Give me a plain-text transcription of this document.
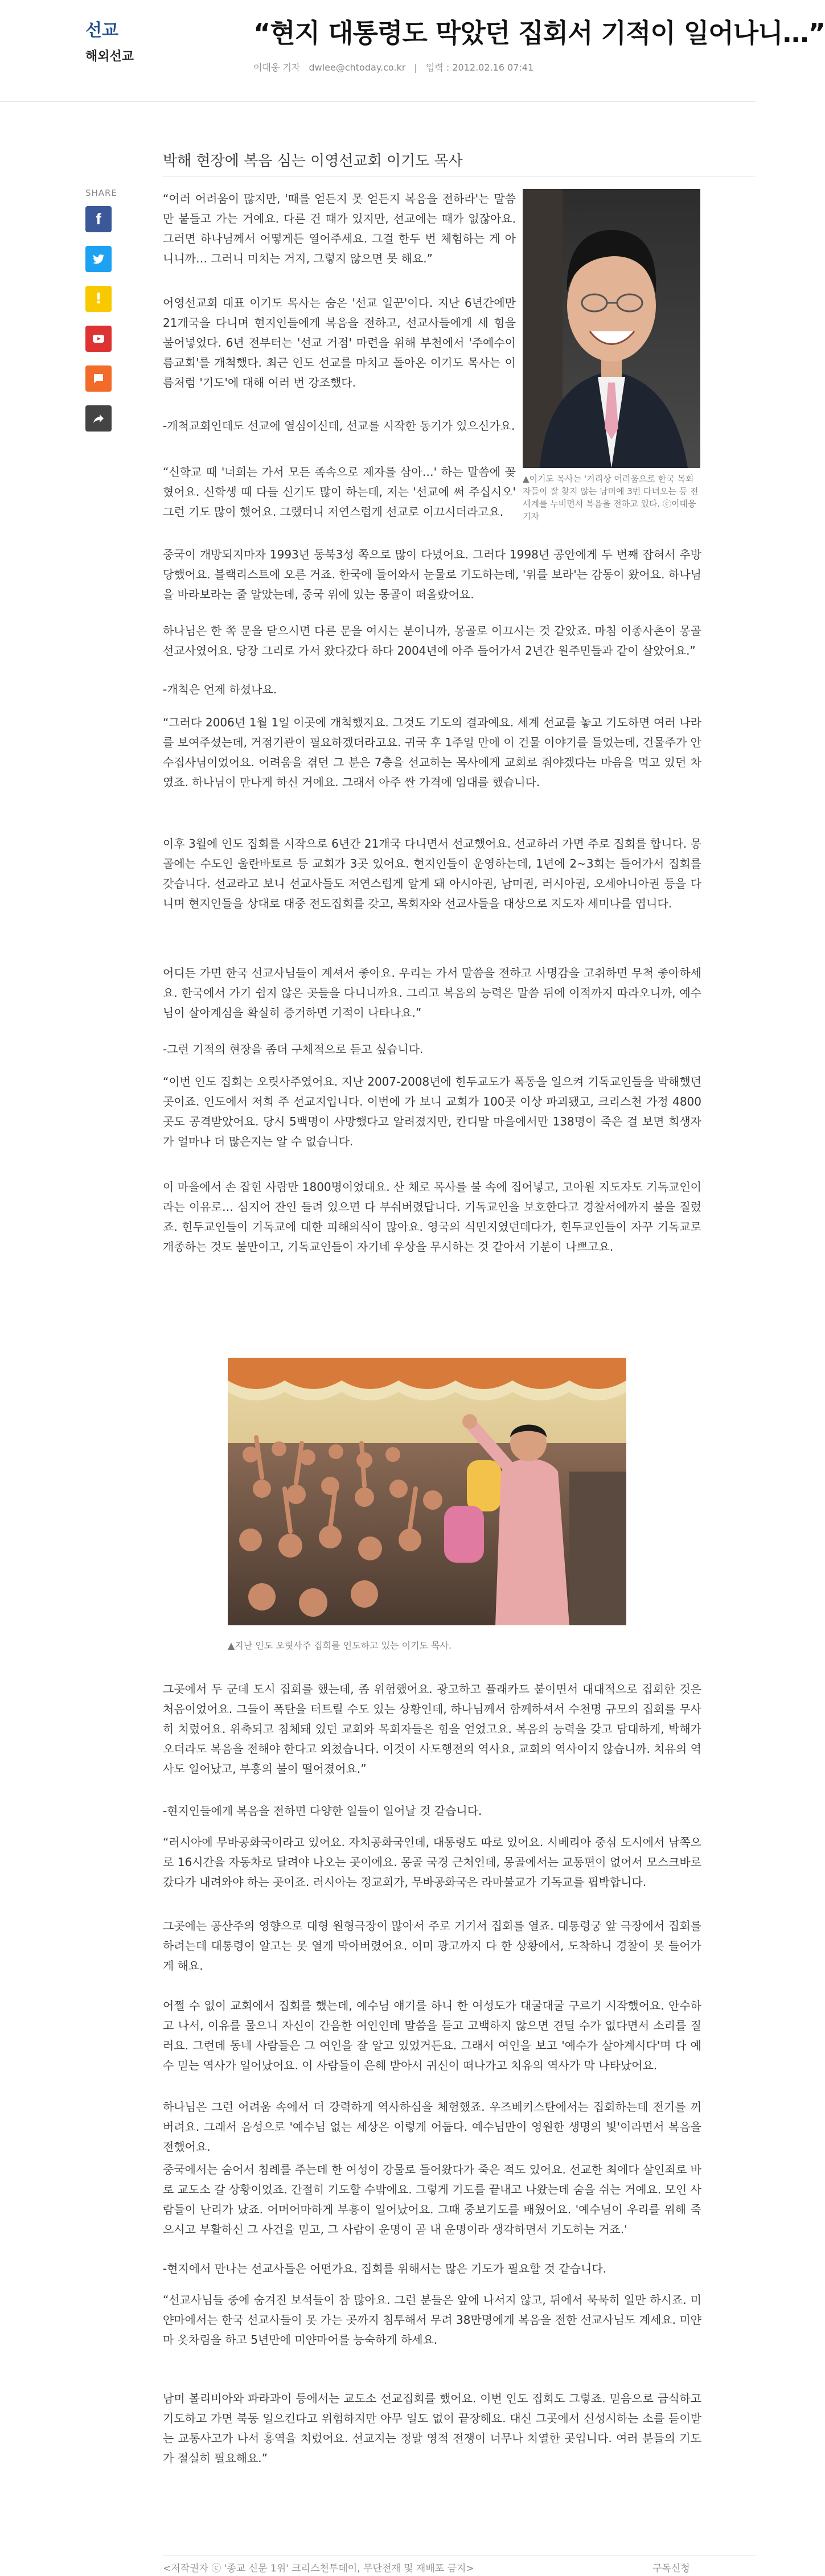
선교
해외선교
“현지 대통령도 막았던 집회서 기적이 일어나니…”
이대웅 기자 dwlee@chtoday.co.kr | 입력 : 2012.02.16 07:41
SHARE
f
!
박해 현장에 복음 심는 이영선교회 이기도 목사
▲이기도 목사는 '거리상 어려움으로 한국 목회자들이 잘 찾지 않는 남미에 3번 다녀오는 등 전세계를 누비면서 복음을 전하고 있다. ⓒ이대웅 기자
“여러 어려움이 많지만, '때를 얻든지 못 얻든지 복음을 전하라'는 말씀만 붙들고 가는 거예요. 다른 건 때가 있지만, 선교에는 때가 없잖아요. 그러면 하나님께서 어떻게든 열어주세요. 그걸 한두 번 체험하는 게 아니니까… 그러니 미치는 거지, 그렇지 않으면 못 해요.”
어영선교회 대표 이기도 목사는 숨은 '선교 일꾼'이다. 지난 6년간에만 21개국을 다니며 현지인들에게 복음을 전하고, 선교사들에게 새 힘을 불어넣었다. 6년 전부터는 '선교 거점' 마련을 위해 부천에서 '주예수이름교회'를 개척했다. 최근 인도 선교를 마치고 돌아온 이기도 목사는 이름처럼 '기도'에 대해 여러 번 강조했다.
-개척교회인데도 선교에 열심이신데, 선교를 시작한 동기가 있으신가요.
“신학교 때 '너희는 가서 모든 족속으로 제자를 삼아…' 하는 말씀에 꽂혔어요. 신학생 때 다들 신기도 많이 하는데, 저는 '선교에 써 주십시오' 그런 기도 많이 했어요. 그랬더니 저연스럽게 선교로 이끄시더라고요.
중국이 개방되지마자 1993년 동북3성 쪽으로 많이 다녔어요. 그러다 1998년 공안에게 두 번째 잡혀서 추방당했어요. 블랙리스트에 오른 거죠. 한국에 들어와서 눈물로 기도하는데, '위를 보라'는 감동이 왔어요. 하나님을 바라보라는 줄 알았는데, 중국 위에 있는 몽골이 떠올랐어요.
하나님은 한 쪽 문을 닫으시면 다른 문을 여시는 분이니까, 몽골로 이끄시는 것 같았죠. 마침 이종사촌이 몽골 선교사였어요. 당장 그리로 가서 왔다갔다 하다 2004년에 아주 들어가서 2년간 원주민들과 같이 살았어요.”
-개척은 언제 하셨나요.
“그러다 2006년 1월 1일 이곳에 개척했지요. 그것도 기도의 결과예요. 세계 선교를 놓고 기도하면 여러 나라를 보여주셨는데, 거점기관이 필요하겠더라고요. 귀국 후 1주일 만에 이 건물 이야기를 들었는데, 건물주가 안수집사님이었어요. 어려움을 겪던 그 분은 7층을 선교하는 목사에게 교회로 줘야겠다는 마음을 먹고 있던 차였죠. 하나님이 만나게 하신 거에요. 그래서 아주 싼 가격에 임대를 했습니다.
이후 3월에 인도 집회를 시작으로 6년간 21개국 다니면서 선교했어요. 선교하러 가면 주로 집회를 합니다. 몽골에는 수도인 울란바토르 등 교회가 3곳 있어요. 현지인들이 운영하는데, 1년에 2~3회는 들어가서 집회를 갖습니다. 선교라고 보니 선교사들도 저연스럽게 알게 돼 아시아권, 남미권, 러시아권, 오세아니아권 등을 다니며 현지인들을 상대로 대중 전도집회를 갖고, 목회자와 선교사들을 대상으로 지도자 세미나를 엽니다.
어디든 가면 한국 선교사님들이 계셔서 좋아요. 우리는 가서 말씀을 전하고 사명감을 고취하면 무척 좋아하세요. 한국에서 가기 쉽지 않은 곳들을 다니니까요. 그리고 복음의 능력은 말씀 뒤에 이적까지 따라오니까, 예수님이 살아계심을 확실히 증거하면 기적이 나타나요.”
-그런 기적의 현장을 좀더 구체적으로 듣고 싶습니다.
“이번 인도 집회는 오릿사주였어요. 지난 2007-2008년에 힌두교도가 폭동을 일으켜 기독교인들을 박해했던 곳이죠. 인도에서 저희 주 선교지입니다. 이번에 가 보니 교회가 100곳 이상 파괴됐고, 크리스천 가정 4800곳도 공격받았어요. 당시 5백명이 사망했다고 알려졌지만, 칸디말 마을에서만 138명이 죽은 걸 보면 희생자가 얼마나 더 많은지는 알 수 없습니다.
이 마을에서 손 잡힌 사람만 1800명이었대요. 산 채로 목사를 불 속에 집어넣고, 고아원 지도자도 기독교인이라는 이유로… 심지어 잔인 들려 있으면 다 부숴버렸답니다. 기독교인을 보호한다고 경찰서에까지 불을 질렀죠. 힌두교인들이 기독교에 대한 피해의식이 많아요. 영국의 식민지였던데다가, 힌두교인들이 자꾸 기독교로 개종하는 것도 불만이고, 기독교인들이 자기네 우상을 무시하는 것 같아서 기분이 나쁘고요.
▲지난 인도 오릿사주 집회를 인도하고 있는 이기도 목사.
그곳에서 두 군데 도시 집회를 했는데, 좀 위험했어요. 광고하고 플래카드 붙이면서 대대적으로 집회한 것은 처음이었어요. 그들이 폭탄을 터트릴 수도 있는 상황인데, 하나님께서 함께하셔서 수천명 규모의 집회를 무사히 치렀어요. 위축되고 침체돼 있던 교회와 목회자들은 힘을 얻었고요. 복음의 능력을 갖고 담대하게, 박해가 오더라도 복음을 전해야 한다고 외쳤습니다. 이것이 사도행전의 역사요, 교회의 역사이지 않습니까. 치유의 역사도 일어났고, 부흥의 불이 떨어졌어요.”
-현지인들에게 복음을 전하면 다양한 일들이 일어날 것 같습니다.
“러시아에 무바공화국이라고 있어요. 자치공화국인데, 대통령도 따로 있어요. 시베리아 중심 도시에서 남쪽으로 16시간을 자동차로 달려야 나오는 곳이에요. 몽골 국경 근처인데, 몽골에서는 교통편이 없어서 모스크바로 갔다가 내려와야 하는 곳이죠. 러시아는 정교회가, 무바공화국은 라마불교가 기독교를 핍박합니다.
그곳에는 공산주의 영향으로 대형 원형극장이 많아서 주로 거기서 집회를 열죠. 대통령궁 앞 극장에서 집회를 하려는데 대통령이 알고는 못 열게 막아버렸어요. 이미 광고까지 다 한 상황에서, 도착하니 경찰이 못 들어가게 해요.
어쩔 수 없이 교회에서 집회를 했는데, 예수님 얘기를 하니 한 여성도가 대굴대굴 구르기 시작했어요. 안수하고 나서, 이유를 물으니 자신이 간음한 여인인데 말씀을 듣고 고백하지 않으면 견딜 수가 없다면서 소리를 질러요. 그런데 동네 사람들은 그 여인을 잘 알고 있었거든요. 그래서 여인을 보고 '예수가 살아계시다'며 다 예수 믿는 역사가 일어났어요. 이 사람들이 은혜 받아서 귀신이 떠나가고 치유의 역사가 막 나타났어요.
하나님은 그런 어려움 속에서 더 강력하게 역사하심을 체험했죠. 우즈베키스탄에서는 집회하는데 전기를 꺼 버려요. 그래서 음성으로 '예수님 없는 세상은 이렇게 어둡다. 예수님만이 영원한 생명의 빛'이라면서 복음을 전했어요.
중국에서는 숨어서 침례를 주는데 한 여성이 강물로 들어왔다가 죽은 적도 있어요. 선교한 최에다 살인죄로 바로 교도소 갈 상황이었죠. 간절히 기도할 수밖에요. 그렇게 기도를 끝내고 나왔는데 숨을 쉬는 거예요. 모인 사람들이 난리가 났죠. 어머어마하게 부흥이 일어났어요. 그때 중보기도를 배웠어요. '예수님이 우리를 위해 죽으시고 부활하신 그 사건을 믿고, 그 사람이 운명이 곧 내 운명이라 생각하면서 기도하는 거죠.'
-현지에서 만나는 선교사들은 어떤가요. 집회를 위해서는 많은 기도가 필요할 것 같습니다.
“선교사님들 중에 숨겨진 보석들이 참 많아요. 그런 분들은 앞에 나서지 않고, 뒤에서 묵묵히 일만 하시죠. 미얀마에서는 한국 선교사들이 못 가는 곳까지 침투해서 무려 38만명에게 복음을 전한 선교사님도 계세요. 미얀마 옷차림을 하고 5년만에 미얀마어를 능숙하게 하세요.
남미 볼리비아와 파라과이 등에서는 교도소 선교집회를 했어요. 이번 인도 집회도 그렇죠. 믿음으로 금식하고 기도하고 가면 북동 일으킨다고 위험하지만 아무 일도 없이 끝장해요. 대신 그곳에서 신성시하는 소를 듣이받는 교통사고가 나서 홍역을 치렀어요. 선교지는 정말 영적 전쟁이 너무나 치열한 곳입니다. 여러 분들의 기도가 절실히 필요해요.”
<저작권자 ⓒ '종교 신문 1위' 크리스천투데이, 무단전재 및 재배포 금지>	구독신청
